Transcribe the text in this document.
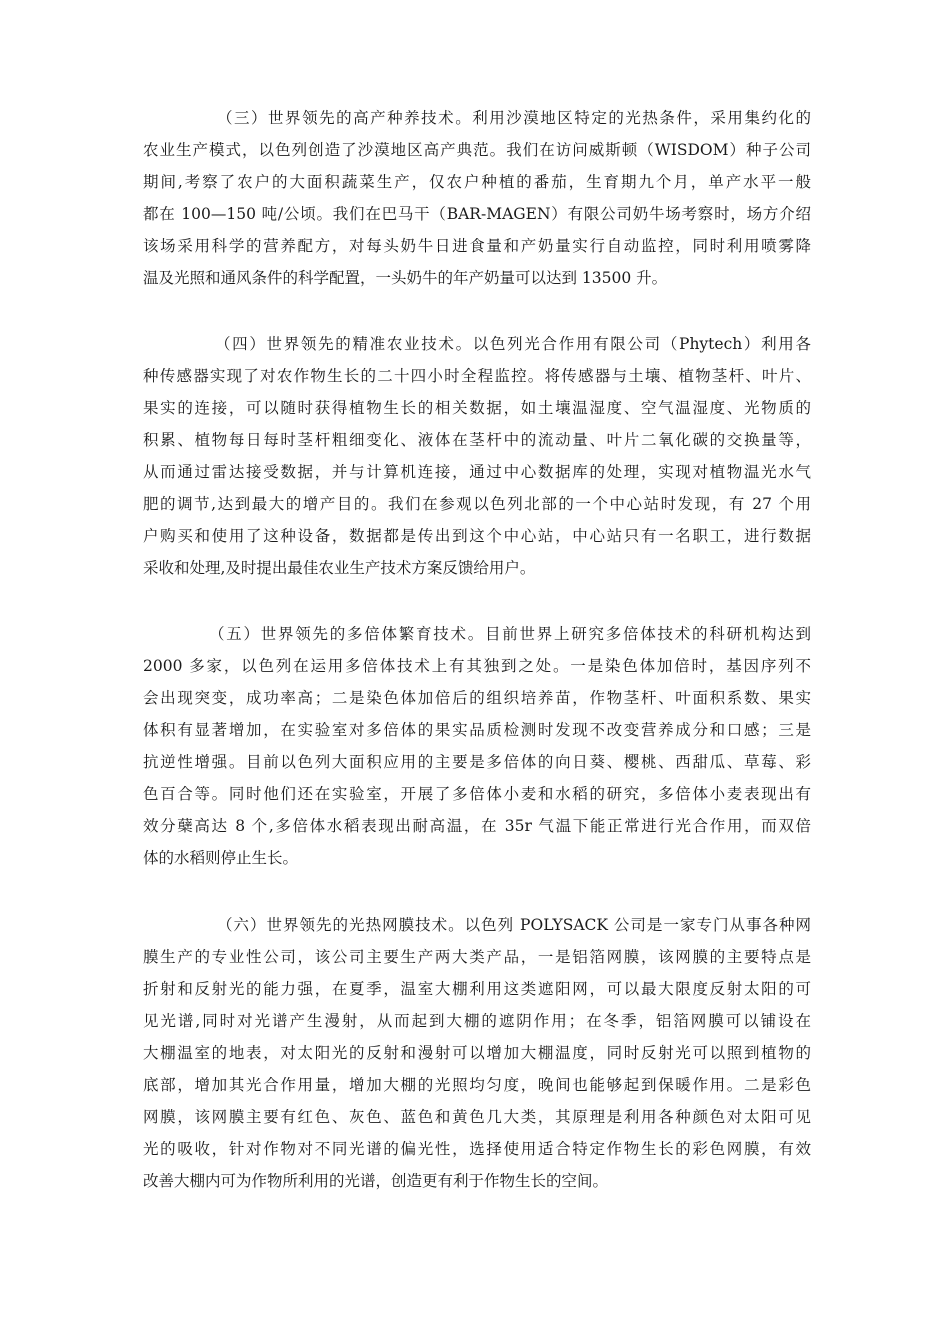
（三）世界领先的高产种养技术。利用沙漠地区特定的光热条件，采用集约化的
农业生产模式，以色列创造了沙漠地区高产典范。我们在访问威斯顿（WISDOM）种子公司
期间,考察了农户的大面积蔬菜生产，仅农户种植的番茄，生育期九个月，单产水平一般
都在 100—150 吨/公顷。我们在巴马干（BAR-MAGEN）有限公司奶牛场考察时，场方介绍
该场采用科学的营养配方，对每头奶牛日进食量和产奶量实行自动监控，同时利用喷雾降
温及光照和通风条件的科学配置，一头奶牛的年产奶量可以达到 13500 升。
（四）世界领先的精准农业技术。以色列光合作用有限公司（Phytech）利用各
种传感器实现了对农作物生长的二十四小时全程监控。将传感器与土壤、植物茎杆、叶片、
果实的连接，可以随时获得植物生长的相关数据，如土壤温湿度、空气温湿度、光物质的
积累、植物每日每时茎杆粗细变化、液体在茎杆中的流动量、叶片二氧化碳的交换量等，
从而通过雷达接受数据，并与计算机连接，通过中心数据库的处理，实现对植物温光水气
肥的调节,达到最大的增产目的。我们在参观以色列北部的一个中心站时发现，有 27 个用
户购买和使用了这种设备，数据都是传出到这个中心站，中心站只有一名职工，进行数据
采收和处理,及时提出最佳农业生产技术方案反馈给用户。
（五）世界领先的多倍体繁育技术。目前世界上研究多倍体技术的科研机构达到
2000 多家，以色列在运用多倍体技术上有其独到之处。一是染色体加倍时，基因序列不
会出现突变，成功率高；二是染色体加倍后的组织培养苗，作物茎杆、叶面积系数、果实
体积有显著增加，在实验室对多倍体的果实品质检测时发现不改变营养成分和口感；三是
抗逆性增强。目前以色列大面积应用的主要是多倍体的向日葵、樱桃、西甜瓜、草莓、彩
色百合等。同时他们还在实验室，开展了多倍体小麦和水稻的研究，多倍体小麦表现出有
效分蘖高达 8 个,多倍体水稻表现出耐高温，在 35r 气温下能正常进行光合作用，而双倍
体的水稻则停止生长。
（六）世界领先的光热网膜技术。以色列 POLYSACK 公司是一家专门从事各种网
膜生产的专业性公司，该公司主要生产两大类产品，一是铝箔网膜，该网膜的主要特点是
折射和反射光的能力强，在夏季，温室大棚利用这类遮阳网，可以最大限度反射太阳的可
见光谱,同时对光谱产生漫射，从而起到大棚的遮阴作用；在冬季，铝箔网膜可以铺设在
大棚温室的地表，对太阳光的反射和漫射可以增加大棚温度，同时反射光可以照到植物的
底部，增加其光合作用量，增加大棚的光照均匀度，晚间也能够起到保暖作用。二是彩色
网膜，该网膜主要有红色、灰色、蓝色和黄色几大类，其原理是利用各种颜色对太阳可见
光的吸收，针对作物对不同光谱的偏光性，选择使用适合特定作物生长的彩色网膜，有效
改善大棚内可为作物所利用的光谱，创造更有利于作物生长的空间。
